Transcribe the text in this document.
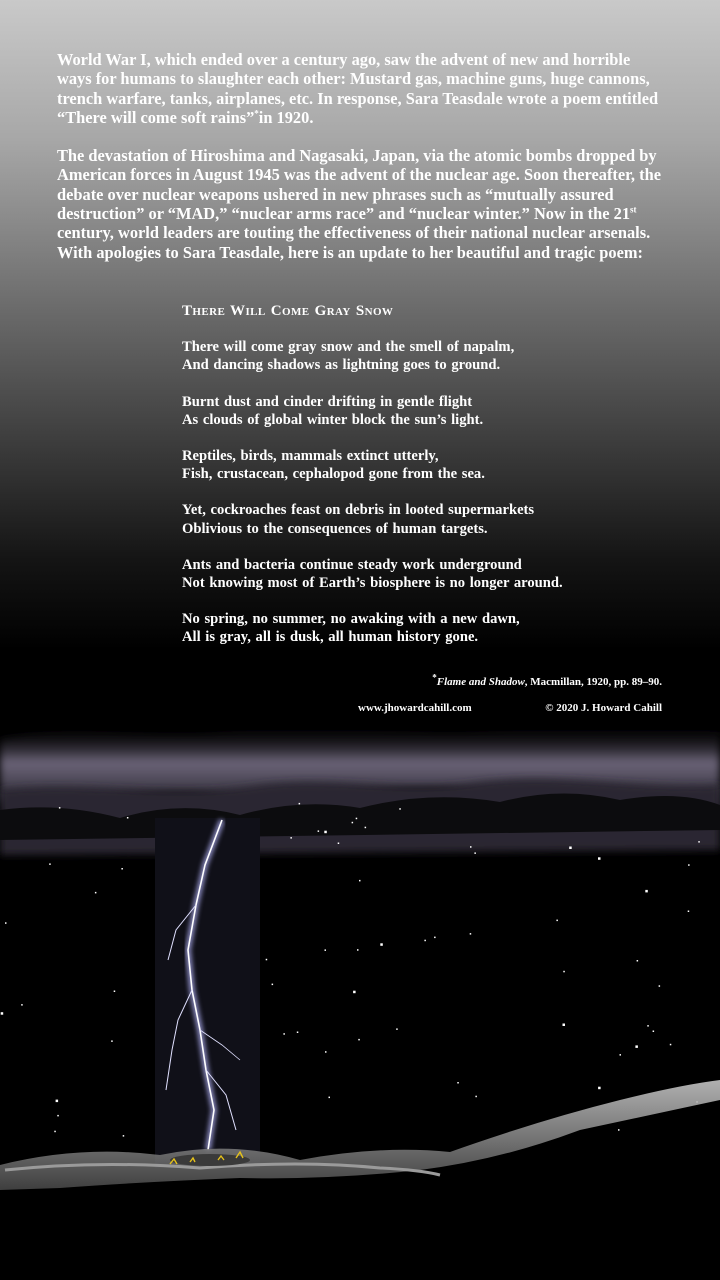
World War I, which ended over a century ago, saw the advent of new and horrible ways for humans to slaughter each other: Mustard gas, machine guns, huge cannons, trench warfare, tanks, airplanes, etc. In response, Sara Teasdale wrote a poem entitled “There will come soft rains”*in 1920.

The devastation of Hiroshima and Nagasaki, Japan, via the atomic bombs dropped by American forces in August 1945 was the advent of the nuclear age. Soon thereafter, the debate over nuclear weapons ushered in new phrases such as “mutually assured destruction” or “MAD,” “nuclear arms race” and “nuclear winter.” Now in the 21st century, world leaders are touting the effectiveness of their national nuclear arsenals. With apologies to Sara Teasdale, here is an update to her beautiful and tragic poem:

There Will Come Gray Snow
There will come gray snow and the smell of napalm,
And dancing shadows as lightning goes to ground.
Burnt dust and cinder drifting in gentle flight
As clouds of global winter block the sun’s light.
Reptiles, birds, mammals extinct utterly,
Fish, crustacean, cephalopod gone from the sea.
Yet, cockroaches feast on debris in looted supermarkets
Oblivious to the consequences of human targets.
Ants and bacteria continue steady work underground
Not knowing most of Earth’s biosphere is no longer around.
No spring, no summer, no awaking with a new dawn,
All is gray, all is dusk, all human history gone.
*Flame and Shadow, Macmillan, 1920, pp. 89–90.
www.jhowardcahill.com	© 2020 J. Howard Cahill
